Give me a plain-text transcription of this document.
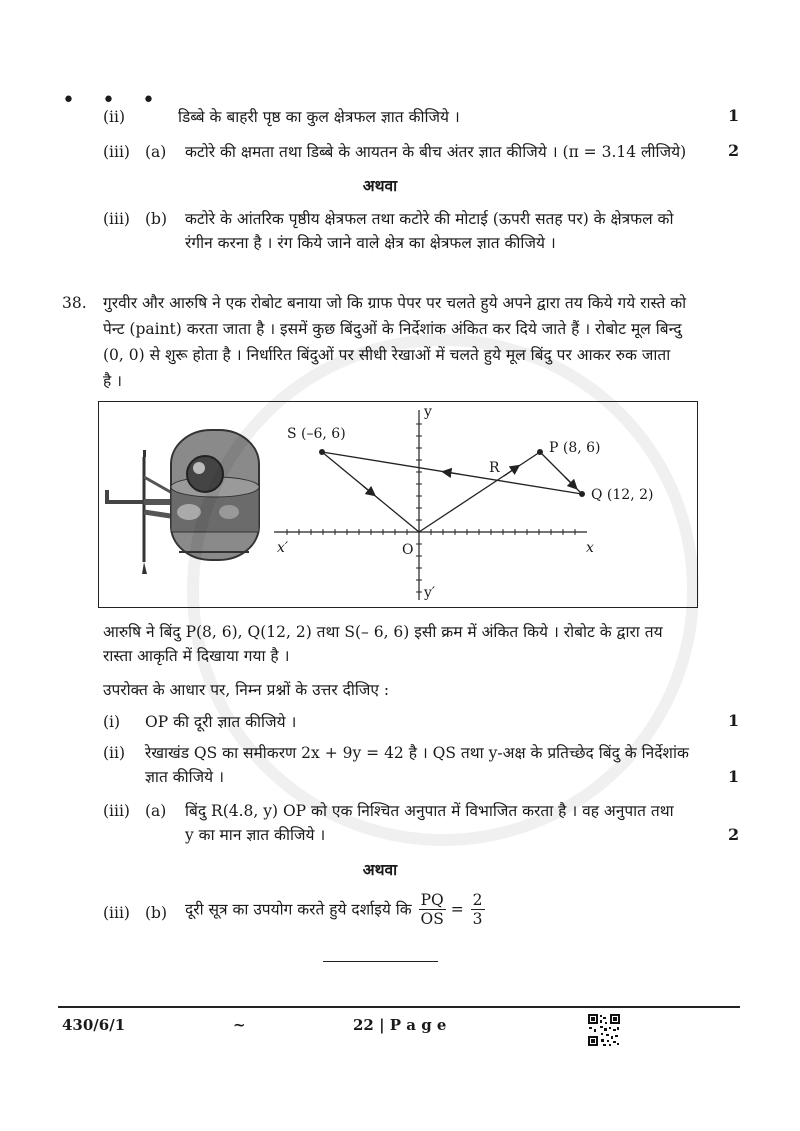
• • •
(ii)	डिब्बे के बाहरी पृष्ठ का कुल क्षेत्रफल ज्ञात कीजिये ।	1
(iii) (a) कटोरे की क्षमता तथा डिब्बे के आयतन के बीच अंतर ज्ञात कीजिये । (π = 3.14 लीजिये)	2
अथवा
(iii) (b) कटोरे के आंतरिक पृष्ठीय क्षेत्रफल तथा कटोरे की मोटाई (ऊपरी सतह पर) के क्षेत्रफल को
रंगीन करना है । रंग किये जाने वाले क्षेत्र का क्षेत्रफल ज्ञात कीजिये ।
38. गुरवीर और आरुषि ने एक रोबोट बनाया जो कि ग्राफ पेपर पर चलते हुये अपने द्वारा तय किये गये रास्ते को
पेन्ट (paint) करता जाता है । इसमें कुछ बिंदुओं के निर्देशांक अंकित कर दिये जाते हैं । रोबोट मूल बिन्दु
(0, 0) से शुरू होता है । निर्धारित बिंदुओं पर सीधी रेखाओं में चलते हुये मूल बिंदु पर आकर रुक जाता
है ।
S (–6, 6)
P (8, 6)
Q (12, 2)
R
O	x
x′
y
y′
आरुषि ने बिंदु P(8, 6), Q(12, 2) तथा S(– 6, 6) इसी क्रम में अंकित किये । रोबोट के द्वारा तय
रास्ता आकृति में दिखाया गया है ।
उपरोक्त के आधार पर, निम्न प्रश्नों के उत्तर दीजिए :
(i) OP की दूरी ज्ञात कीजिये ।	1
(ii) रेखाखंड QS का समीकरण 2x + 9y = 42 है । QS तथा y-अक्ष के प्रतिच्छेद बिंदु के निर्देशांक
ज्ञात कीजिये ।	1
(iii) (a) बिंदु R(4.8, y) OP को एक निश्चित अनुपात में विभाजित करता है । वह अनुपात तथा
y का मान ज्ञात कीजिये ।	2
अथवा
(iii) (b) दूरी सूत्र का उपयोग करते हुये दर्शाइये कि $\frac{PQ}{OS} = \frac{2}{3}$
430/6/1	~	22 | P a g e
